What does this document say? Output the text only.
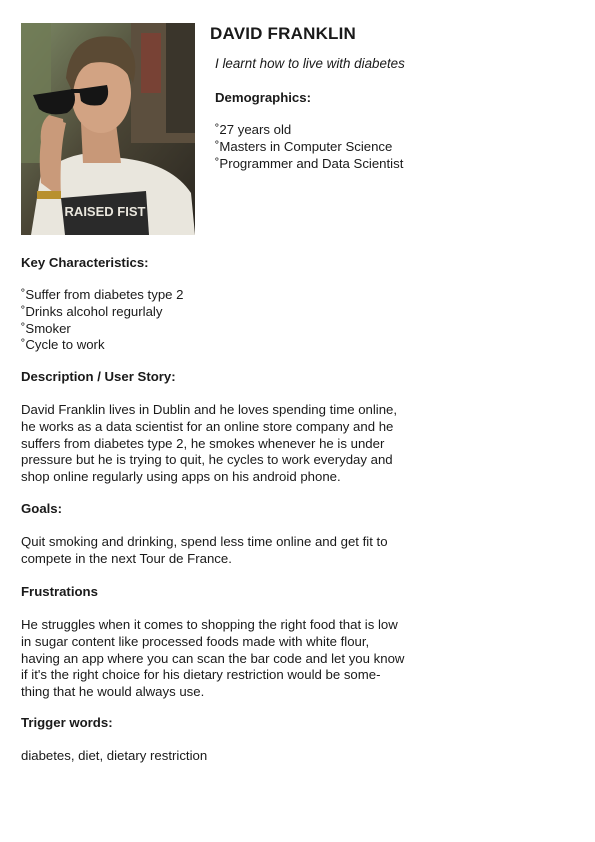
RAISED FIST
DAVID FRANKLIN
I learnt how to live with diabetes
Demographics:
˚27 years old
˚Masters in Computer Science
˚Programmer and Data Scientist
Key Characteristics:
˚Suffer from diabetes type 2
˚Drinks alcohol regurlaly
˚Smoker
˚Cycle to work
Description / User Story:

David Franklin lives in Dublin and he loves spending time online,
he works as a data scientist for an online store company and he
suffers from diabetes type 2, he smokes whenever he is under
pressure but he is trying to quit, he cycles to work everyday and
shop online regularly using apps on his android phone.

Goals:

Quit smoking and drinking, spend less time online and get fit to
compete in the next Tour de France.

Frustrations

He struggles when it comes to shopping the right food that is low
in sugar content like processed foods made with white flour,
having an app where you can scan the bar code and let you know
if it's the right choice for his dietary restriction would be some-
thing that he would always use.

Trigger words:

diabetes, diet, dietary restriction
